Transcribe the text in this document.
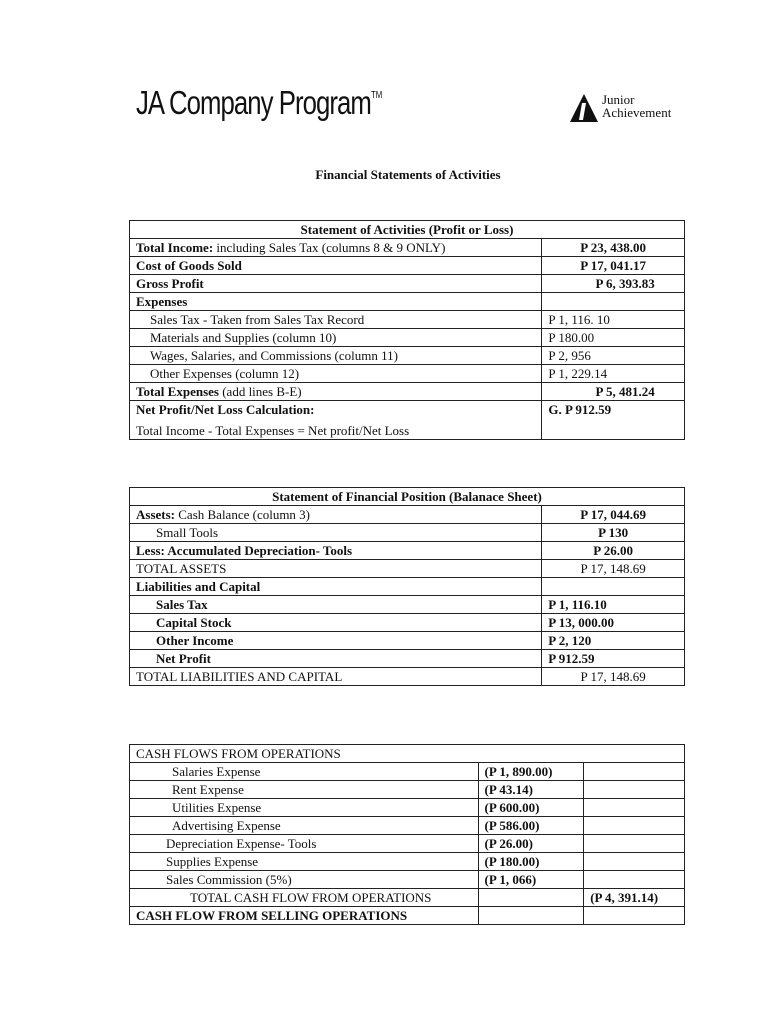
JA Company Program™	Junior
Achievement
Financial Statements of Activities
Statement of Activities (Profit or Loss)	
Total Income: including Sales Tax (columns 8 & 9 ONLY)	P 23, 438.00
Cost of Goods Sold	P 17, 041.17
Gross Profit	P 6, 393.83
Expenses	
Sales Tax - Taken from Sales Tax Record	P 1, 116. 10
Materials and Supplies (column 10)	P 180.00
Wages, Salaries, and Commissions (column 11)	P 2, 956
Other Expenses (column 12)	P 1, 229.14
Total Expenses (add lines B-E)	P 5, 481.24
Net Profit/Net Loss Calculation:
Total Income - Total Expenses = Net profit/Net Loss	G. P 912.59
Statement of Financial Position (Balanace Sheet)	
Assets: Cash Balance (column 3)	P 17, 044.69
Small Tools	P 130
Less: Accumulated Depreciation- Tools	P 26.00
TOTAL ASSETS	P 17, 148.69
Liabilities and Capital	
Sales Tax	P 1, 116.10
Capital Stock	P 13, 000.00
Other Income	P 2, 120
Net Profit	P 912.59
TOTAL LIABILITIES AND CAPITAL	P 17, 148.69
CASH FLOWS FROM OPERATIONS		
Salaries Expense	(P 1, 890.00)	
Rent Expense	(P 43.14)	
Utilities Expense	(P 600.00)	
Advertising Expense	(P 586.00)	
Depreciation Expense- Tools	(P 26.00)	
Supplies Expense	(P 180.00)	
Sales Commission (5%)	(P 1, 066)	
TOTAL CASH FLOW FROM OPERATIONS		(P 4, 391.14)
CASH FLOW FROM SELLING OPERATIONS		
